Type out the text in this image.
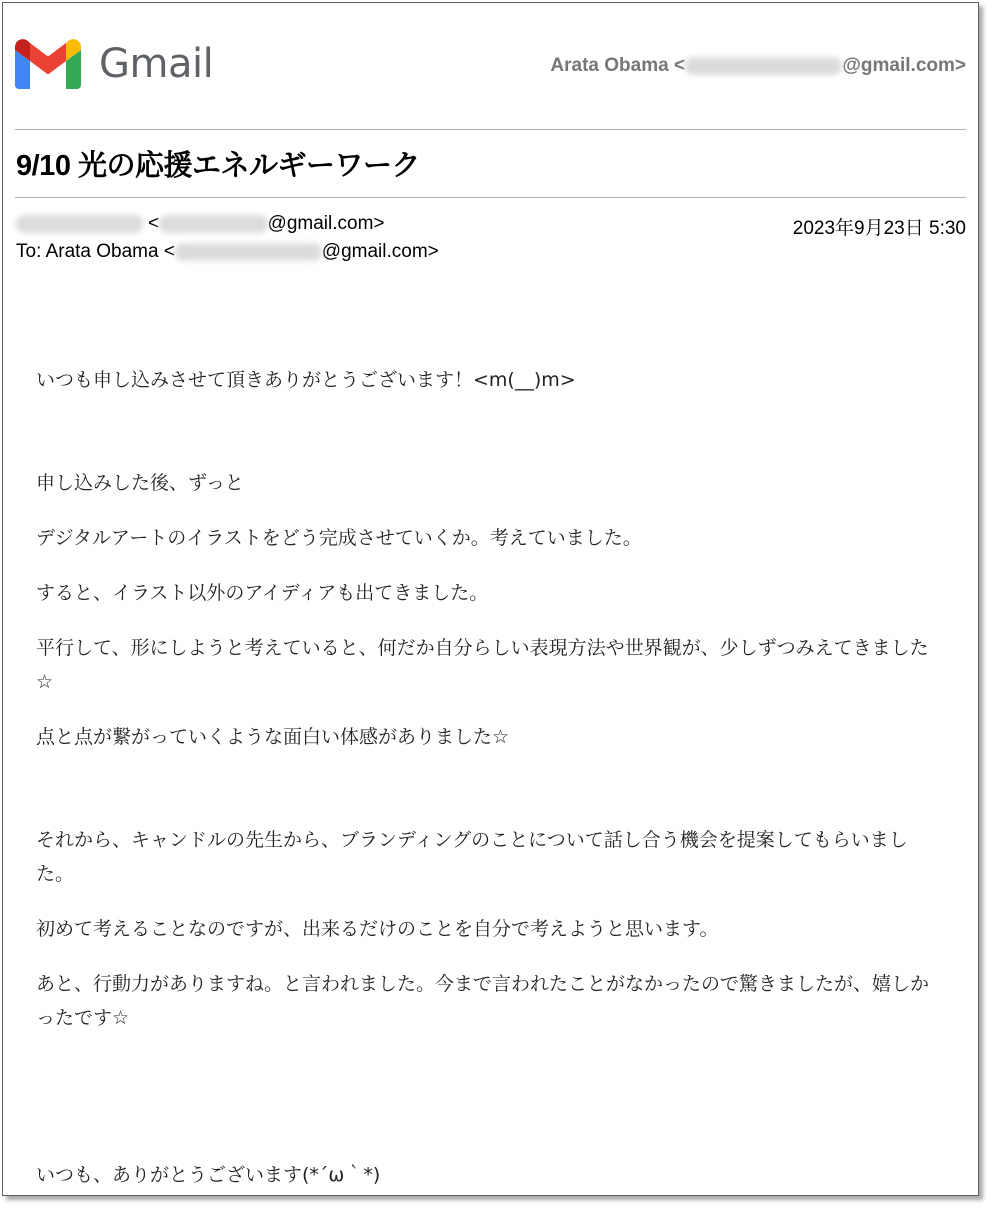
Gmail	Arata Obama <	@gmail.com>
9/10 光の応援エネルギーワーク
<	@gmail.com>	2023年9月23日 5:30
To: Arata Obama <	@gmail.com>

いつも申し込みさせて頂きありがとうございます！<m(__)m>

申し込みした後、ずっと

デジタルアートのイラストをどう完成させていくか。考えていました。

すると、イラスト以外のアイディアも出てきました。

平行して、形にしようと考えていると、何だか自分らしい表現方法や世界観が、少しずつみえてきました☆

点と点が繋がっていくような面白い体感がありました☆

それから、キャンドルの先生から、ブランディングのことについて話し合う機会を提案してもらいました。

初めて考えることなのですが、出来るだけのことを自分で考えようと思います。

あと、行動力がありますね。と言われました。今まで言われたことがなかったので驚きましたが、嬉しかったです☆

いつも、ありがとうございます(*´ω｀*)
